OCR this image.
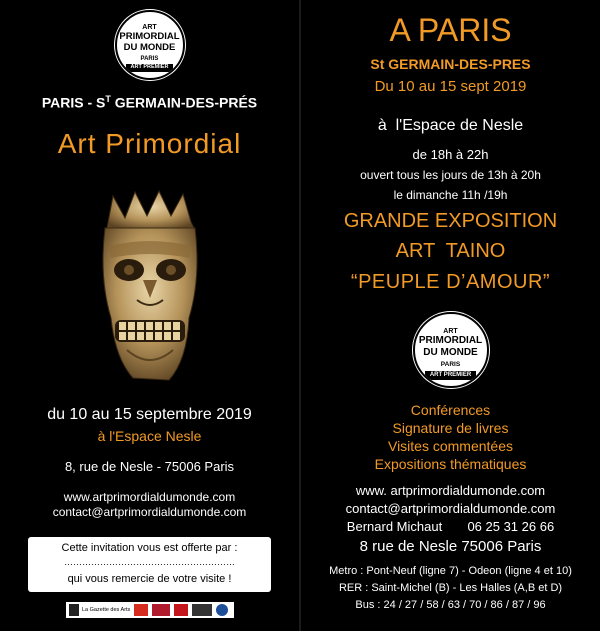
ART
PRIMORDIAL
DU MONDE
PARIS
ART PREMIER
PARIS - $S^T$ GERMAIN-DES-PRÉS
Art Primordial
du 10 au 15 septembre 2019
à l'Espace Nesle
8, rue de Nesle - 75006 Paris
www.artprimordialdumonde.com
contact@artprimordialdumonde.com
Cette invitation vous est offerte par :
…………………………………………………
qui vous remercie de votre visite !
La Gazette des Arts
A PARIS
St GERMAIN-DES-PRES
Du 10 au 15 sept 2019
à  l'Espace de Nesle
de 18h à 22h
ouvert tous les jours de 13h à 20h
le dimanche 11h /19h
GRANDE EXPOSITION
ART  TAINO
“PEUPLE D’AMOUR”
ART
PRIMORDIAL
DU MONDE
PARIS
ART PREMIER
Conférences
Signature de livres
Visites commentées
Expositions thématiques
www. artprimordialdumonde.com
contact@artprimordialdumonde.com
Bernard Michaut 06 25 31 26 66
8 rue de Nesle 75006 Paris
Metro : Pont-Neuf (ligne 7) - Odeon (ligne 4 et 10)
RER : Saint-Michel (B) - Les Halles (A,B et D)
Bus : 24 / 27 / 58 / 63 / 70 / 86 / 87 / 96
